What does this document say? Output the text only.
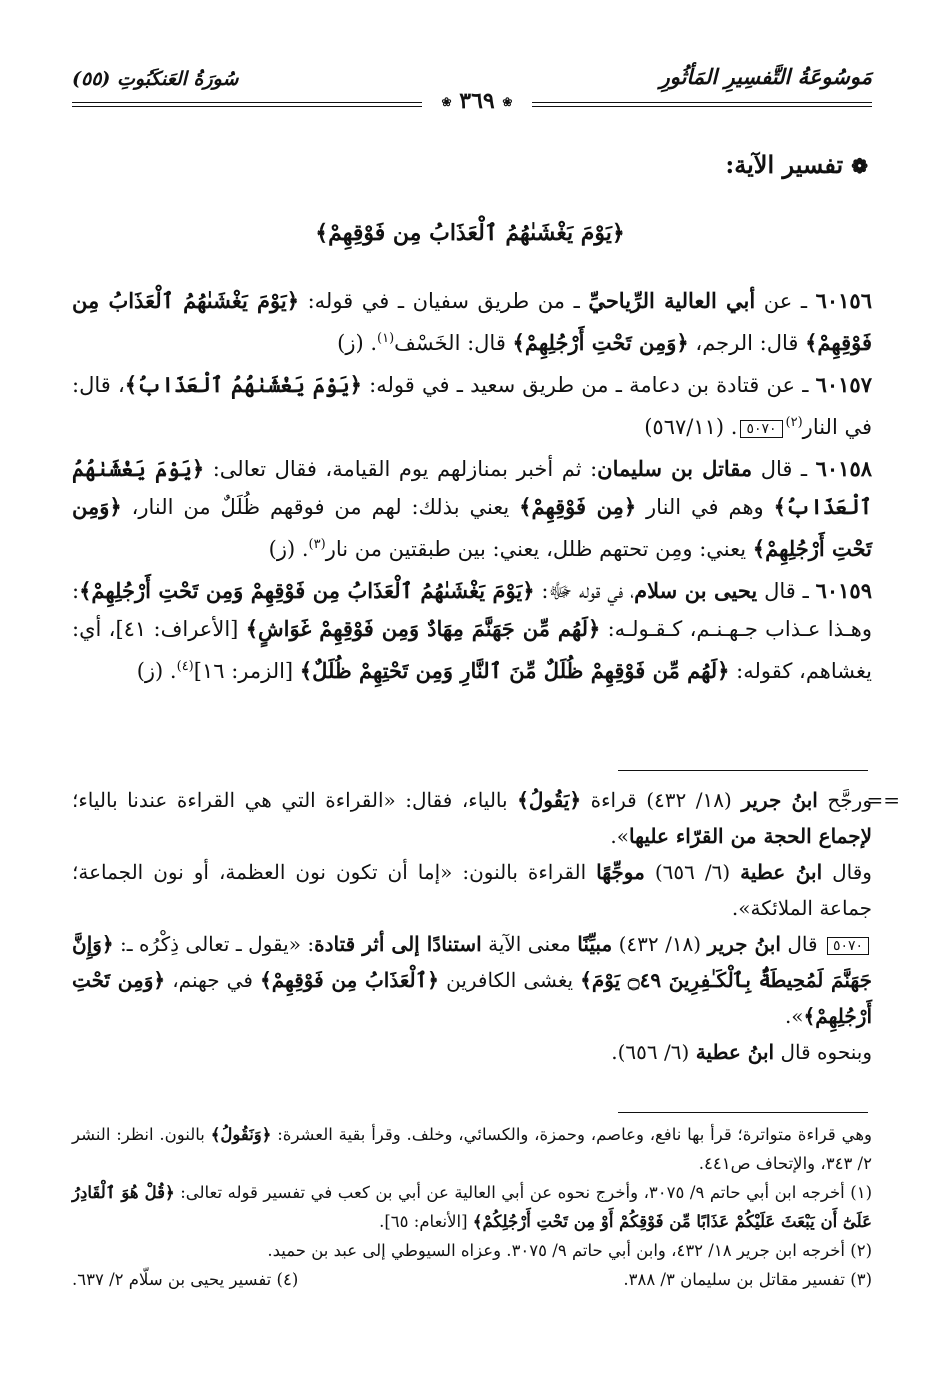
مَوسُوعَةُ التَّفسِيرِ المَأثُورِ
سُورَةُ العَنكَبُوتِ (٥٥)
❀ ٣٦٩ ❀
❁تفسير الآية:
﴿يَوْمَ يَغْشَىٰهُمُ ٱلْعَذَابُ مِن فَوْقِهِمْ﴾

٦٠١٥٦ ـ عن أبي العالية الرِّياحيِّ ـ من طريق سفيان ـ في قوله: ﴿يَوْمَ يَغْشَىٰهُمُ ٱلْعَذَابُ مِن فَوْقِهِمْ﴾ قال: الرجم، ﴿وَمِن تَحْتِ أَرْجُلِهِمْ﴾ قال: الخَسْف$^{(١)}$. (ز)

٦٠١٥٧ ـ عن قتادة بن دعامة ـ من طريق سعيد ـ في قوله: ﴿يَوْمَ يَغْشَىٰهُمُ ٱلْعَذَابُ﴾، قال: في النار$^{(٢)}$٥٠٧٠. (٥٦٧/١١)

٦٠١٥٨ ـ قال مقاتل بن سليمان: ثم أخبر بمنازلهم يوم القيامة، فقال تعالى: ﴿يَوْمَ يَغْشَىٰهُمُ ٱلْعَذَابُ﴾ وهم في النار ﴿مِن فَوْقِهِمْ﴾ يعني بذلك: لهم من فوقهم ظُلَلٌ من النار، ﴿وَمِن تَحْتِ أَرْجُلِهِمْ﴾ يعني: ومِن تحتهم ظلل، يعني: بين طبقتين من نار$^{(٣)}$. (ز)

٦٠١٥٩ ـ قال يحيى بن سلام، في قوله ﷻ: ﴿يَوْمَ يَغْشَىٰهُمُ ٱلْعَذَابُ مِن فَوْقِهِمْ وَمِن تَحْتِ أَرْجُلِهِمْ﴾: وهـذا عـذاب جـهـنـم، كـقـولـه: ﴿لَهُم مِّن جَهَنَّمَ مِهَادٌ وَمِن فَوْقِهِمْ غَوَاشٍ﴾ [الأعراف: ٤١]، أي: يغشاهم، كقوله: ﴿لَهُم مِّن فَوْقِهِمْ ظُلَلٌ مِّنَ ٱلنَّارِ وَمِن تَحْتِهِمْ ظُلَلٌ﴾ [الزمر: ١٦]$^{(٤)}$. (ز)

==
ورجَّح ابنُ جرير (١٨/ ٤٣٢) قراءة ﴿يَقُولُ﴾ بالياء، فقال: «القراءة التي هي القراءة عندنا بالياء؛ لإجماع الحجة من القرّاء عليها».
وقال ابنُ عطية (٦/ ٦٥٦) موجِّهًا القراءة بالنون: «إما أن تكون نون العظمة، أو نون الجماعة؛ جماعة الملائكة».
٥٠٧٠ قال ابنُ جرير (١٨/ ٤٣٢) مبيِّنًا معنى الآية استنادًا إلى أثر قتادة: «يقول ـ تعالى ذِكْرُه ـ: ﴿وَإِنَّ جَهَنَّمَ لَمُحِيطَةٌۢ بِٱلْكَـٰفِرِينَ ۝٤٩ يَوْمَ﴾ يغشى الكافرين ﴿ٱلْعَذَابُ مِن فَوْقِهِمْ﴾ في جهنم، ﴿وَمِن تَحْتِ أَرْجُلِهِمْ﴾».
وبنحوه قال ابنُ عطية (٦/ ٦٥٦).
وهي قراءة متواترة؛ قرأ بها نافع، وعاصم، وحمزة، والكسائي، وخلف. وقرأ بقية العشرة: ﴿وَنَقُولُ﴾ بالنون. انظر: النشر ٢/ ٣٤٣، والإتحاف ص٤٤١.
(١) أخرجه ابن أبي حاتم ٩/ ٣٠٧٥، وأخرج نحوه عن أبي العالية عن أبي بن كعب في تفسير قوله تعالى: ﴿قُلْ هُوَ ٱلْقَادِرُ عَلَىٰٓ أَن يَبْعَثَ عَلَيْكُمْ عَذَابًا مِّن فَوْقِكُمْ أَوْ مِن تَحْتِ أَرْجُلِكُمْ﴾ [الأنعام: ٦٥].
(٢) أخرجه ابن جرير ١٨/ ٤٣٢، وابن أبي حاتم ٩/ ٣٠٧٥. وعزاه السيوطي إلى عبد بن حميد.
(٣) تفسير مقاتل بن سليمان ٣/ ٣٨٨.
(٤) تفسير يحيى بن سلّام ٢/ ٦٣٧.
